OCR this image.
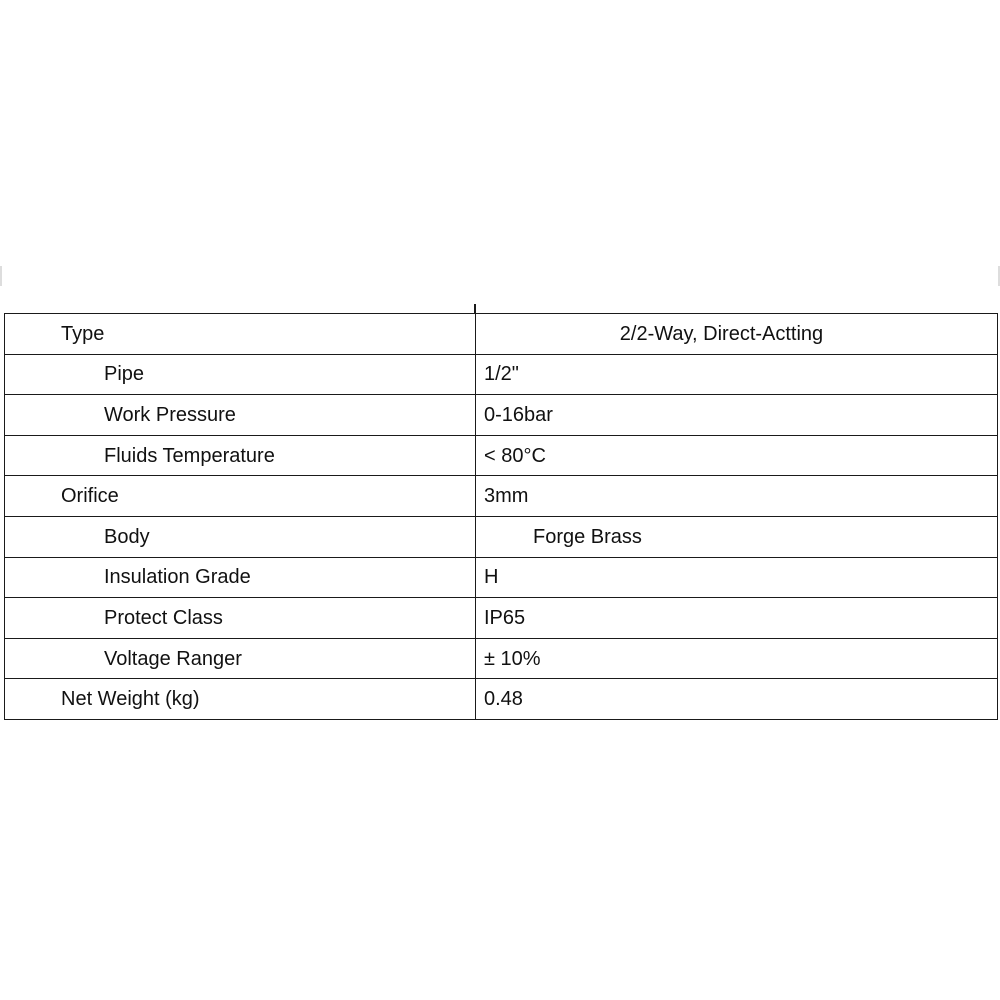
Type	2/2-Way, Direct-Actting
Pipe	1/2"
Work Pressure	0-16bar
Fluids Temperature	< 80°C
Orifice	3mm
Body	Forge Brass
Insulation Grade	H
Protect Class	IP65
Voltage Ranger	± 10%
Net Weight (kg)	0.48
